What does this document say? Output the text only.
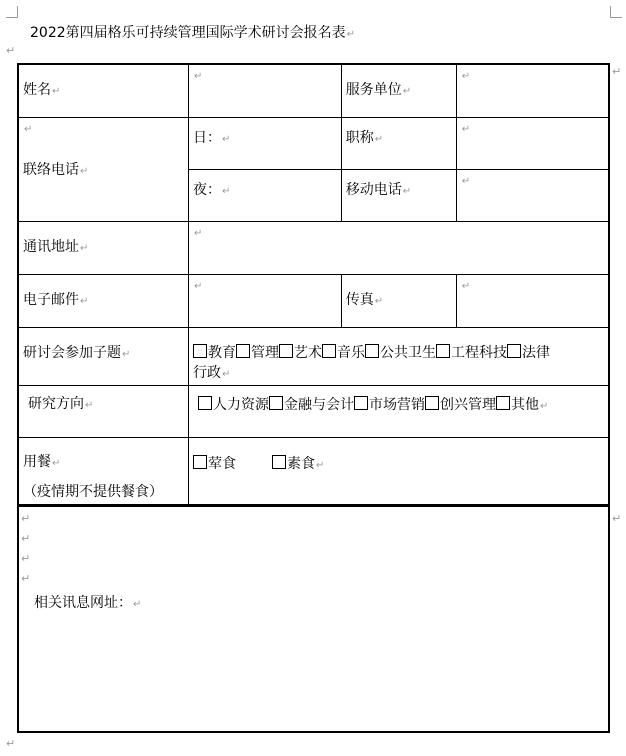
2022第四届格乐可持续管理国际学术研讨会报名表↵
↵
姓名↵	↵	服务单位↵	↵
↵

联络电话↵	日：↵	职称↵	↵
	夜：↵	移动电话↵	↵
通讯地址↵	↵		
电子邮件↵	↵	传真↵	↵
研讨会参加子题↵	教育 管理 艺术 音乐 公共卫生 工程科技 法律
行政↵		
研究方向↵	人力资源 金融与会计 市场营销 创兴管理 其他↵		
用餐↵

（疫情期不提供餐食）	荤食 素食↵		
↵
↵
↵
↵
相关讯息网址：↵
↵
↵
↵
